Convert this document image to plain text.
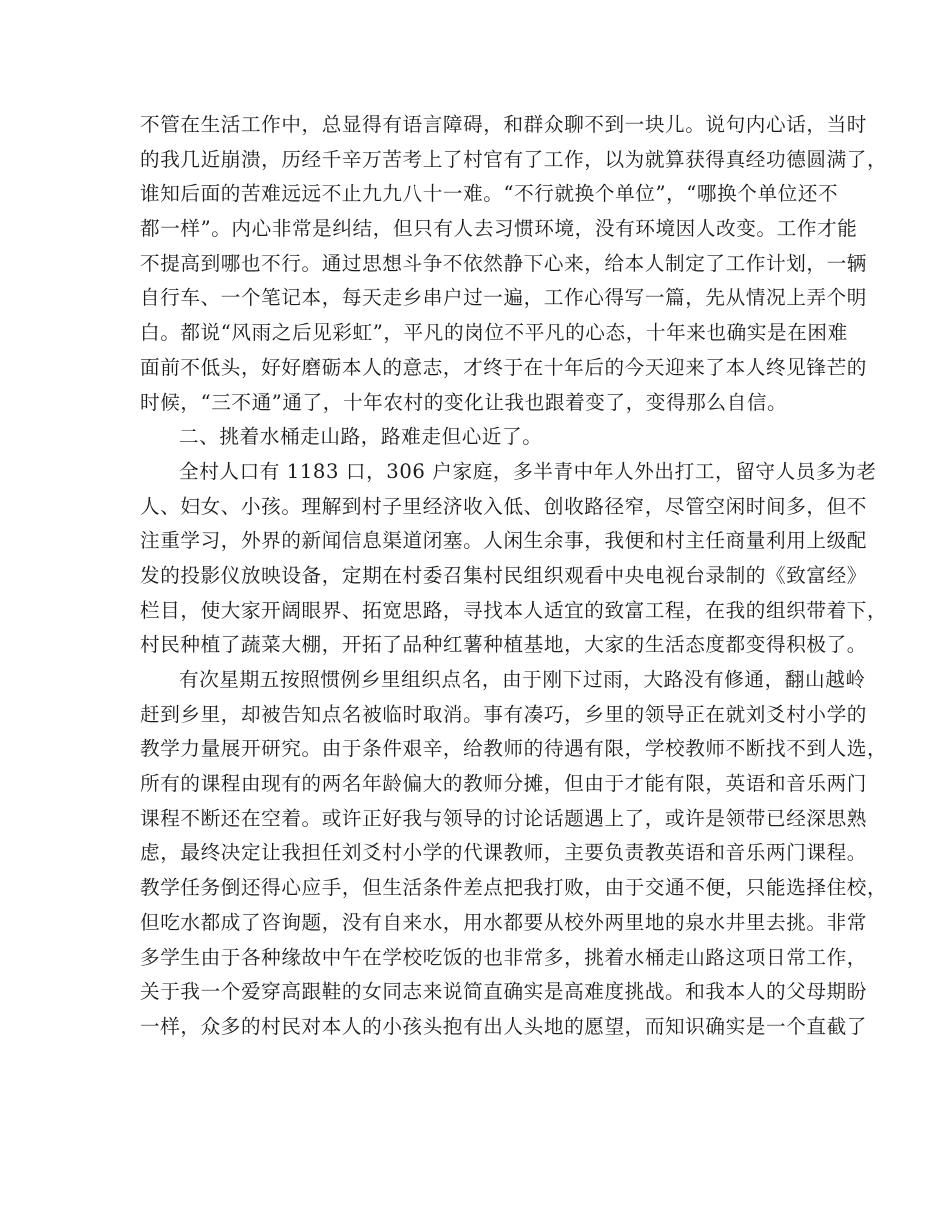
不管在生活工作中，总显得有语言障碍，和群众聊不到一块儿。说句内心话，当时
的我几近崩溃，历经千辛万苦考上了村官有了工作，以为就算获得真经功德圆满了，
谁知后面的苦难远远不止九九八十一难。“不行就换个单位”，“哪换个单位还不
都一样”。内心非常是纠结，但只有人去习惯环境，没有环境因人改变。工作才能
不提高到哪也不行。通过思想斗争不依然静下心来，给本人制定了工作计划，一辆
自行车、一个笔记本，每天走乡串户过一遍，工作心得写一篇，先从情况上弄个明
白。都说“风雨之后见彩虹”，平凡的岗位不平凡的心态，十年来也确实是在困难
面前不低头，好好磨砺本人的意志，才终于在十年后的今天迎来了本人终见锋芒的
时候，“三不通”通了，十年农村的变化让我也跟着变了，变得那么自信。
二、挑着水桶走山路，路难走但心近了。
全村人口有 1183 口，306 户家庭，多半青中年人外出打工，留守人员多为老
人、妇女、小孩。理解到村子里经济收入低、创收路径窄，尽管空闲时间多，但不
注重学习，外界的新闻信息渠道闭塞。人闲生余事，我便和村主任商量利用上级配
发的投影仪放映设备，定期在村委召集村民组织观看中央电视台录制的《致富经》
栏目，使大家开阔眼界、拓宽思路，寻找本人适宜的致富工程，在我的组织带着下，
村民种植了蔬菜大棚，开拓了品种红薯种植基地，大家的生活态度都变得积极了。
有次星期五按照惯例乡里组织点名，由于刚下过雨，大路没有修通，翻山越岭
赶到乡里，却被告知点名被临时取消。事有凑巧，乡里的领导正在就刘爻村小学的
教学力量展开研究。由于条件艰辛，给教师的待遇有限，学校教师不断找不到人选，
所有的课程由现有的两名年龄偏大的教师分摊，但由于才能有限，英语和音乐两门
课程不断还在空着。或许正好我与领导的讨论话题遇上了，或许是领带已经深思熟
虑，最终决定让我担任刘爻村小学的代课教师，主要负责教英语和音乐两门课程。
教学任务倒还得心应手，但生活条件差点把我打败，由于交通不便，只能选择住校，
但吃水都成了咨询题，没有自来水，用水都要从校外两里地的泉水井里去挑。非常
多学生由于各种缘故中午在学校吃饭的也非常多，挑着水桶走山路这项日常工作，
关于我一个爱穿高跟鞋的女同志来说简直确实是高难度挑战。和我本人的父母期盼
一样，众多的村民对本人的小孩头抱有出人头地的愿望，而知识确实是一个直截了
